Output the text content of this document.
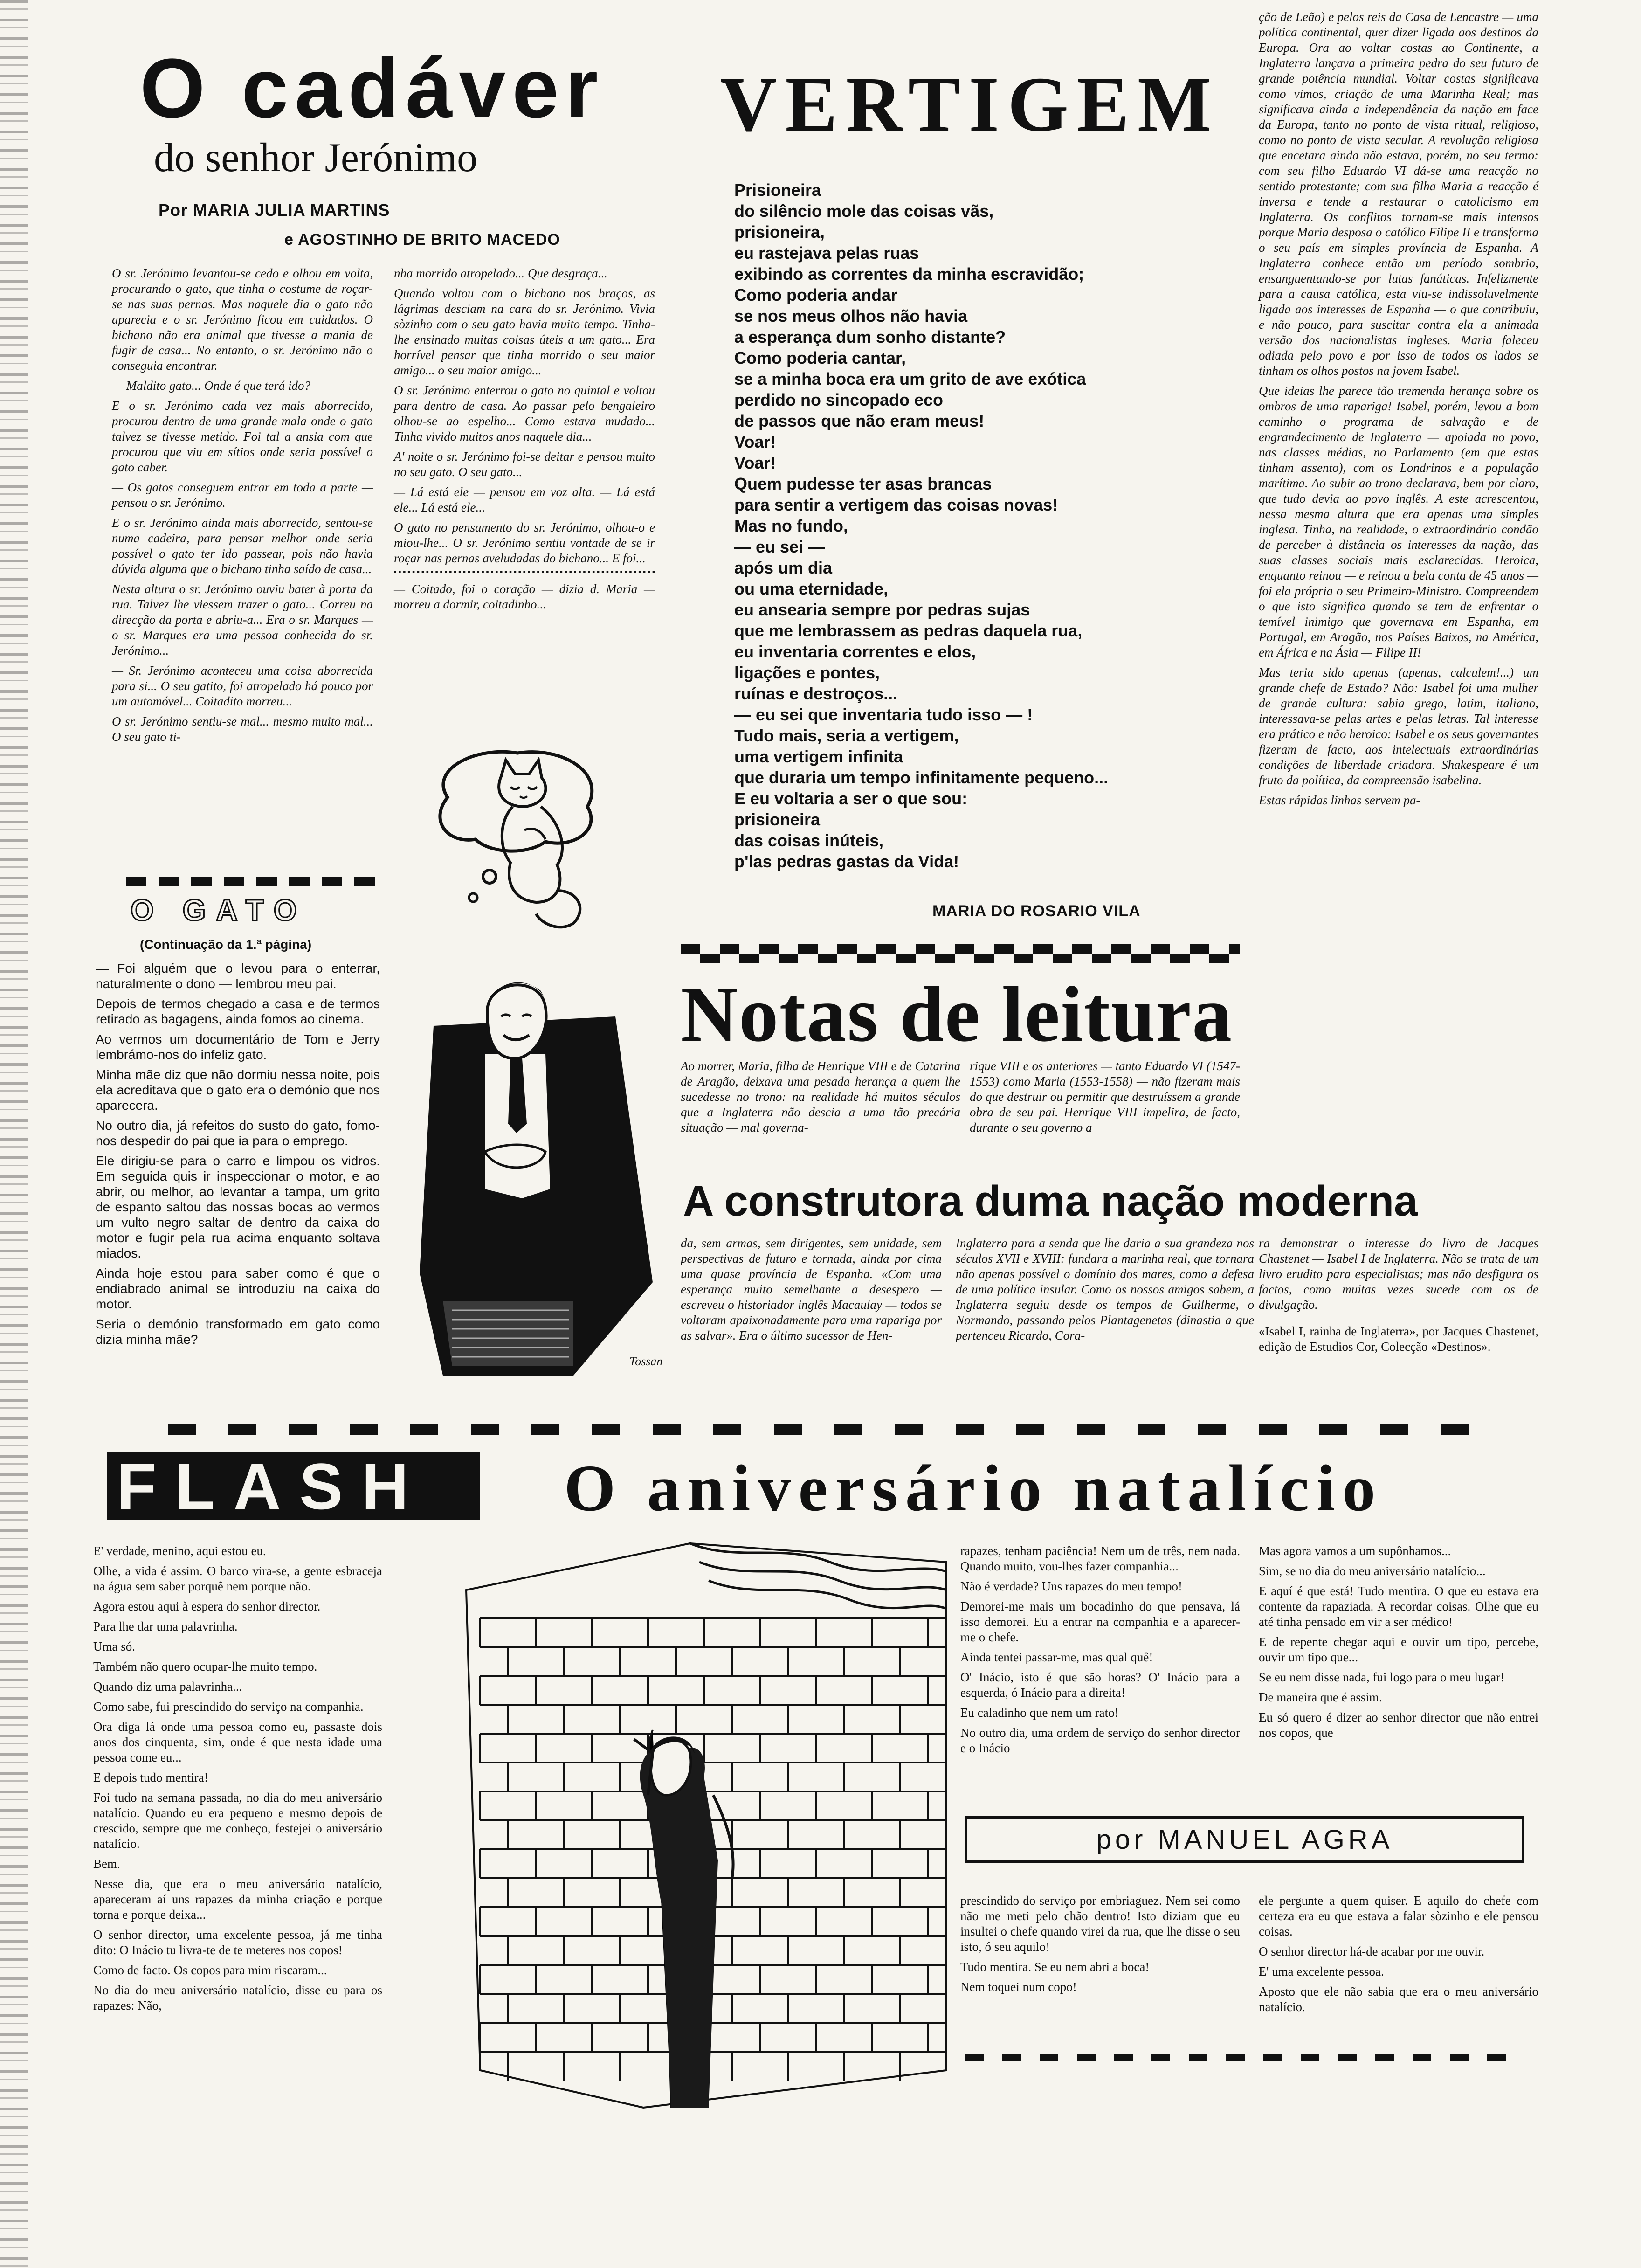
O cadáver
do senhor Jerónimo
Por MARIA JULIA MARTINS
e AGOSTINHO DE BRITO MACEDO

O sr. Jerónimo levantou-se cedo e olhou em volta, procurando o gato, que tinha o costume de roçar-se nas suas pernas. Mas naquele dia o gato não aparecia e o sr. Jerónimo ficou em cuidados. O bichano não era animal que tivesse a mania de fugir de casa... No entanto, o sr. Jerónimo não o conseguia encontrar.

— Maldito gato... Onde é que terá ido?

E o sr. Jerónimo cada vez mais aborrecido, procurou dentro de uma grande mala onde o gato talvez se tivesse metido. Foi tal a ansia com que procurou que viu em sítios onde seria possível o gato caber.

— Os gatos conseguem entrar em toda a parte — pensou o sr. Jerónimo.

E o sr. Jerónimo ainda mais aborrecido, sentou-se numa cadeira, para pensar melhor onde seria possível o gato ter ido passear, pois não havia dúvida alguma que o bichano tinha saído de casa...

Nesta altura o sr. Jerónimo ouviu bater à porta da rua. Talvez lhe viessem trazer o gato... Correu na direcção da porta e abriu-a... Era o sr. Marques — o sr. Marques era uma pessoa conhecida do sr. Jerónimo...

— Sr. Jerónimo aconteceu uma coisa aborrecida para si... O seu gatito, foi atropelado há pouco por um automóvel... Coitadito morreu...

O sr. Jerónimo sentiu-se mal... mesmo muito mal... O seu gato ti-

nha morrido atropelado... Que desgraça...

Quando voltou com o bichano nos braços, as lágrimas desciam na cara do sr. Jerónimo. Vivia sòzinho com o seu gato havia muito tempo. Tinha-lhe ensinado muitas coisas úteis a um gato... Era horrível pensar que tinha morrido o seu maior amigo... o seu maior amigo...

O sr. Jerónimo enterrou o gato no quintal e voltou para dentro de casa. Ao passar pelo bengaleiro olhou-se ao espelho... Como estava mudado... Tinha vivido muitos anos naquele dia...

A' noite o sr. Jerónimo foi-se deitar e pensou muito no seu gato. O seu gato...

— Lá está ele — pensou em voz alta. — Lá está ele... Lá está ele...

O gato no pensamento do sr. Jerónimo, olhou-o e miou-lhe... O sr. Jerónimo sentiu vontade de se ir roçar nas pernas aveludadas do bichano... E foi...

— Coitado, foi o coração — dizia d. Maria — morreu a dormir, coitadinho...

O GATO
(Continuação da 1.ª página)

— Foi alguém que o levou para o enterrar, naturalmente o dono — lembrou meu pai.

Depois de termos chegado a casa e de termos retirado as bagagens, ainda fomos ao cinema.

Ao vermos um documentário de Tom e Jerry lembrámo-nos do infeliz gato.

Minha mãe diz que não dormiu nessa noite, pois ela acreditava que o gato era o demónio que nos aparecera.

No outro dia, já refeitos do susto do gato, fomo-nos despedir do pai que ia para o emprego.

Ele dirigiu-se para o carro e limpou os vidros. Em seguida quis ir inspeccionar o motor, e ao abrir, ou melhor, ao levantar a tampa, um grito de espanto saltou das nossas bocas ao vermos um vulto negro saltar de dentro da caixa do motor e fugir pela rua acima enquanto soltava miados.

Ainda hoje estou para saber como é que o endiabrado animal se introduziu na caixa do motor.

Seria o demónio transformado em gato como dizia minha mãe?

Tossan
VERTIGEM
Prisioneira
do silêncio mole das coisas vãs,
prisioneira,
eu rastejava pelas ruas
exibindo as correntes da minha escravidão;
Como poderia andar
se nos meus olhos não havia
a esperança dum sonho distante?
Como poderia cantar,
se a minha boca era um grito de ave exótica
perdido no sincopado eco
de passos que não eram meus!
Voar!
Voar!
Quem pudesse ter asas brancas
para sentir a vertigem das coisas novas!
Mas no fundo,
— eu sei —
após um dia
ou uma eternidade,
eu ansearia sempre por pedras sujas
que me lembrassem as pedras daquela rua,
eu inventaria correntes e elos,
ligações e pontes,
ruínas e destroços...
— eu sei que inventaria tudo isso — !
Tudo mais, seria a vertigem,
uma vertigem infinita
que duraria um tempo infinitamente pequeno...
E eu voltaria a ser o que sou:
prisioneira
das coisas inúteis,
p'las pedras gastas da Vida!
MARIA DO ROSARIO VILA
Notas de leitura

Ao morrer, Maria, filha de Henrique VIII e de Catarina de Aragão, deixava uma pesada herança a quem lhe sucedesse no trono: na realidade há muitos séculos que a Inglaterra não descia a uma tão precária situação — mal governa-

rique VIII e os anteriores — tanto Eduardo VI (1547-1553) como Maria (1553-1558) — não fizeram mais do que destruir ou permitir que destruíssem a grande obra de seu pai. Henrique VIII impelira, de facto, durante o seu governo a

A construtora duma nação moderna

da, sem armas, sem dirigentes, sem unidade, sem perspectivas de futuro e tornada, ainda por cima uma quase província de Espanha. «Com uma esperança muito semelhante a desespero — escreveu o historiador inglês Macaulay — todos se voltaram apaixonadamente para uma rapariga por as salvar». Era o último sucessor de Hen-

Inglaterra para a senda que lhe daria a sua grandeza nos séculos XVII e XVIII: fundara a marinha real, que tornara não apenas possível o domínio dos mares, como a defesa de uma política insular. Como os nossos amigos sabem, a Inglaterra seguiu desde os tempos de Guilherme, o Normando, passando pelos Plantagenetas (dinastia a que pertenceu Ricardo, Cora-

ra demonstrar o interesse do livro de Jacques Chastenet — Isabel I de Inglaterra. Não se trata de um livro erudito para especialistas; mas não desfigura os factos, como muitas vezes sucede com os de divulgação.

«Isabel I, rainha de Inglaterra», por Jacques Chastenet, edição de Estudios Cor, Colecção «Destinos».

ção de Leão) e pelos reis da Casa de Lencastre — uma política continental, quer dizer ligada aos destinos da Europa. Ora ao voltar costas ao Continente, a Inglaterra lançava a primeira pedra do seu futuro de grande potência mundial. Voltar costas significava como vimos, criação de uma Marinha Real; mas significava ainda a independência da nação em face da Europa, tanto no ponto de vista ritual, religioso, como no ponto de vista secular. A revolução religiosa que encetara ainda não estava, porém, no seu termo: com seu filho Eduardo VI dá-se uma reacção no sentido protestante; com sua filha Maria a reacção é inversa e tende a restaurar o catolicismo em Inglaterra. Os conflitos tornam-se mais intensos porque Maria desposa o católico Filipe II e transforma o seu país em simples província de Espanha. A Inglaterra conhece então um período sombrio, ensanguentando-se por lutas fanáticas. Infelizmente para a causa católica, esta viu-se indissoluvelmente ligada aos interesses de Espanha — o que contribuiu, e não pouco, para suscitar contra ela a animada versão dos nacionalistas ingleses. Maria faleceu odiada pelo povo e por isso de todos os lados se tinham os olhos postos na jovem Isabel.

Que ideias lhe parece tão tremenda herança sobre os ombros de uma rapariga! Isabel, porém, levou a bom caminho o programa de salvação e de engrandecimento de Inglaterra — apoiada no povo, nas classes médias, no Parlamento (em que estas tinham assento), com os Londrinos e a população marítima. Ao subir ao trono declarava, bem por claro, que tudo devia ao povo inglês. A este acrescentou, nessa mesma altura que era apenas uma simples inglesa. Tinha, na realidade, o extraordinário condão de perceber à distância os interesses da nação, das suas classes sociais mais esclarecidas. Heroica, enquanto reinou — e reinou a bela conta de 45 anos — foi ela própria o seu Primeiro-Ministro. Compreendem o que isto significa quando se tem de enfrentar o temível inimigo que governava em Espanha, em Portugal, em Aragão, nos Países Baixos, na América, em África e na Ásia — Filipe II!

Mas teria sido apenas (apenas, calculem!...) um grande chefe de Estado? Não: Isabel foi uma mulher de grande cultura: sabia grego, latim, italiano, interessava-se pelas artes e pelas letras. Tal interesse era prático e não heroico: Isabel e os seus governantes fizeram de facto, aos intelectuais extraordinárias condições de liberdade criadora. Shakespeare é um fruto da política, da compreensão isabelina.

Estas rápidas linhas servem pa-

FLASH	O aniversário natalício

E' verdade, menino, aqui estou eu.

Olhe, a vida é assim. O barco vira-se, a gente esbraceja na água sem saber porquê nem porque não.

Agora estou aqui à espera do senhor director.

Para lhe dar uma palavrinha.

Uma só.

Também não quero ocupar-lhe muito tempo.

Quando diz uma palavrinha...

Como sabe, fui prescindido do serviço na companhia.

Ora diga lá onde uma pessoa como eu, passaste dois anos dos cinquenta, sim, onde é que nesta idade uma pessoa come eu...

E depois tudo mentira!

Foi tudo na semana passada, no dia do meu aniversário natalício. Quando eu era pequeno e mesmo depois de crescido, sempre que me conheço, festejei o aniversário natalício.

Bem.

Nesse dia, que era o meu aniversário natalício, apareceram aí uns rapazes da minha criação e porque torna e porque deixa...

O senhor director, uma excelente pessoa, já me tinha dito: O Inácio tu livra-te de te meteres nos copos!

Como de facto. Os copos para mim riscaram...

No dia do meu aniversário natalício, disse eu para os rapazes: Não,

rapazes, tenham paciência! Nem um de três, nem nada. Quando muito, vou-lhes fazer companhia...

Não é verdade? Uns rapazes do meu tempo!

Demorei-me mais um bocadinho do que pensava, lá isso demorei. Eu a entrar na companhia e a aparecer-me o chefe.

Ainda tentei passar-me, mas qual quê!

O' Inácio, isto é que são horas? O' Inácio para a esquerda, ó Inácio para a direita!

Eu caladinho que nem um rato!

No outro dia, uma ordem de serviço do senhor director e o Inácio

Mas agora vamos a um supônhamos...

Sim, se no dia do meu aniversário natalício...

E aquí é que está! Tudo mentira. O que eu estava era contente da rapaziada. A recordar coisas. Olhe que eu até tinha pensado em vir a ser médico!

E de repente chegar aqui e ouvir um tipo, percebe, ouvir um tipo que...

Se eu nem disse nada, fui logo para o meu lugar!

De maneira que é assim.

Eu só quero é dizer ao senhor director que não entrei nos copos, que

por MANUEL AGRA

prescindido do serviço por embriaguez. Nem sei como não me meti pelo chão dentro! Isto diziam que eu insultei o chefe quando virei da rua, que lhe disse o seu isto, ó seu aquilo!

Tudo mentira. Se eu nem abri a boca!

Nem toquei num copo!

ele pergunte a quem quiser. E aquilo do chefe com certeza era eu que estava a falar sòzinho e ele pensou coisas.

O senhor director há-de acabar por me ouvir.

E' uma excelente pessoa.

Aposto que ele não sabia que era o meu aniversário natalício.
